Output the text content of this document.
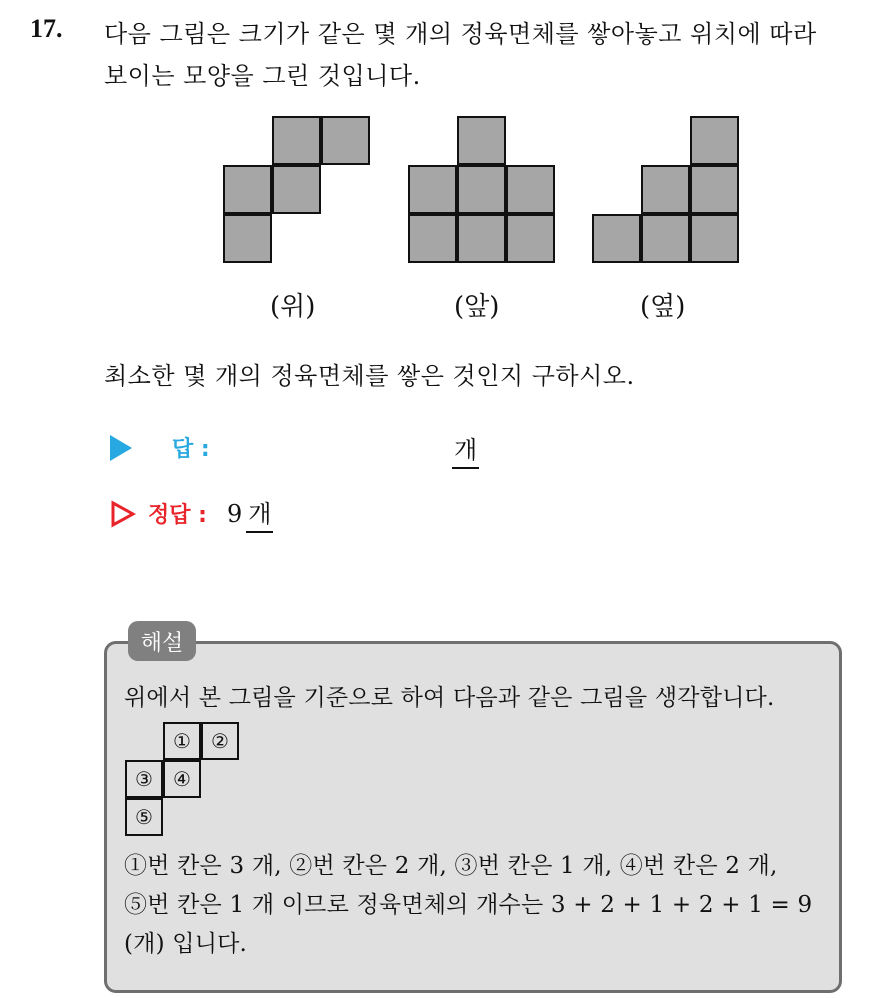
17. 다음 그림은 크기가 같은 몇 개의 정육면체를 쌓아놓고 위치에 따라
보이는 모양을 그린 것입니다.
(위)	(앞)	(옆)
최소한 몇 개의 정육면체를 쌓은 것인지 구하시오.
답 :	개
정답 : 9 개
해설
위에서 본 그림을 기준으로 하여 다음과 같은 그림을 생각합니다.
①	②
③	④
⑤
①번 칸은 3 개, ②번 칸은 2 개, ③번 칸은 1 개, ④번 칸은 2 개,
⑤번 칸은 1 개 이므로 정육면체의 개수는 3 + 2 + 1 + 2 + 1 = 9
(개) 입니다.
